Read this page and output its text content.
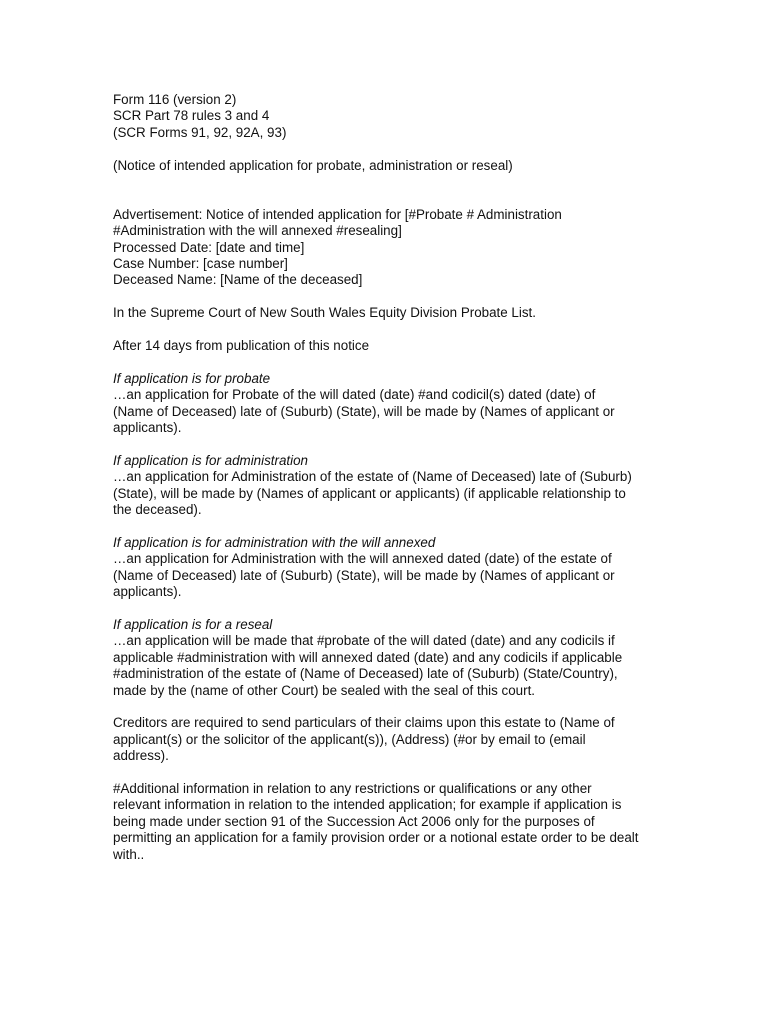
Form 116 (version 2)
SCR Part 78 rules 3 and 4
(SCR Forms 91, 92, 92A, 93)
(Notice of intended application for probate, administration or reseal)
Advertisement: Notice of intended application for [#Probate # Administration
#Administration with the will annexed #resealing]
Processed Date: [date and time]
Case Number: [case number]
Deceased Name: [Name of the deceased]
In the Supreme Court of New South Wales Equity Division Probate List.
After 14 days from publication of this notice
If application is for probate
…an application for Probate of the will dated (date) #and codicil(s) dated (date) of
(Name of Deceased) late of (Suburb) (State), will be made by (Names of applicant or
applicants).
If application is for administration
…an application for Administration of the estate of (Name of Deceased) late of (Suburb)
(State), will be made by (Names of applicant or applicants) (if applicable relationship to
the deceased).
If application is for administration with the will annexed
…an application for Administration with the will annexed dated (date) of the estate of
(Name of Deceased) late of (Suburb) (State), will be made by (Names of applicant or
applicants).
If application is for a reseal
…an application will be made that #probate of the will dated (date) and any codicils if
applicable #administration with will annexed dated (date) and any codicils if applicable
#administration of the estate of (Name of Deceased) late of (Suburb) (State/Country),
made by the (name of other Court) be sealed with the seal of this court.
Creditors are required to send particulars of their claims upon this estate to (Name of
applicant(s) or the solicitor of the applicant(s)), (Address) (#or by email to (email
address).
#Additional information in relation to any restrictions or qualifications or any other
relevant information in relation to the intended application; for example if application is
being made under section 91 of the Succession Act 2006 only for the purposes of
permitting an application for a family provision order or a notional estate order to be dealt
with..
